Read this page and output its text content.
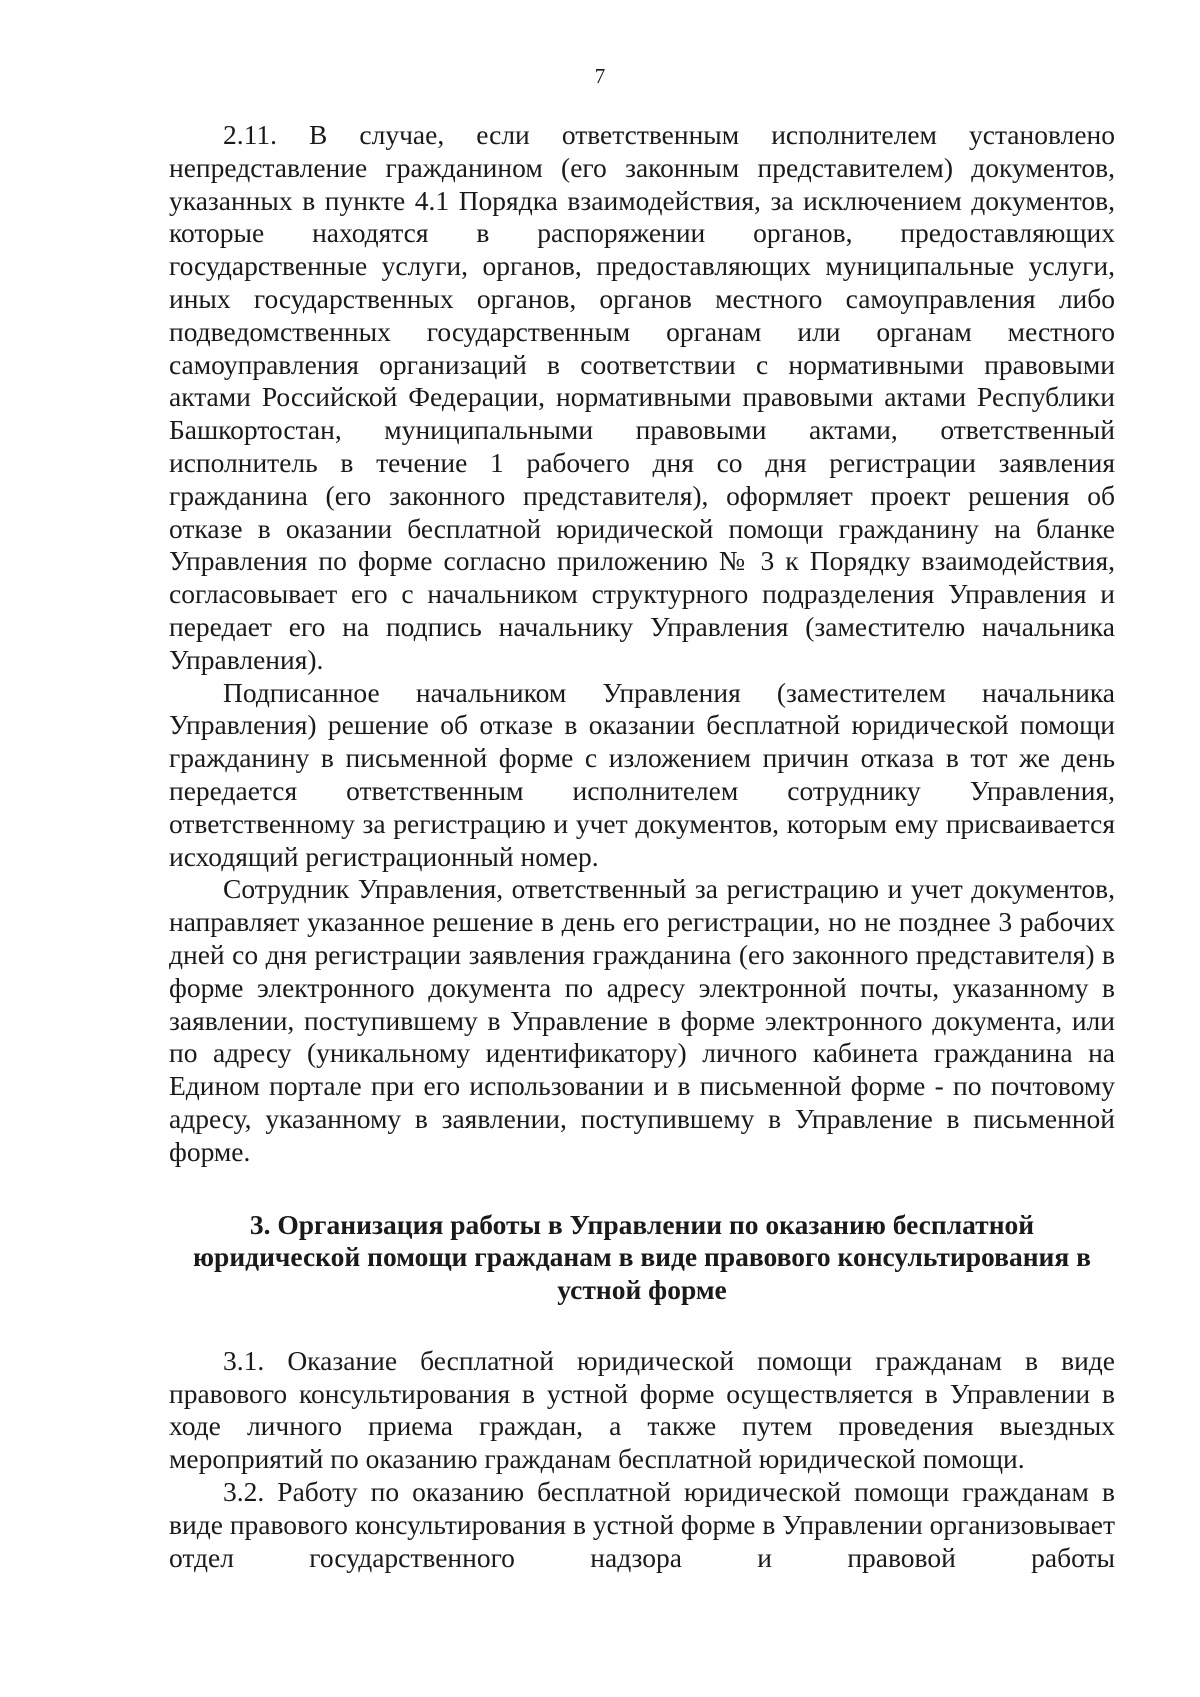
7

2.11. В случае, если ответственным исполнителем установлено непредставление гражданином (его законным представителем) документов, указанных в пункте 4.1 Порядка взаимодействия, за исключением документов, которые находятся в распоряжении органов, предоставляющих государственные услуги, органов, предоставляющих муниципальные услуги, иных государственных органов, органов местного самоуправления либо подведомственных государственным органам или органам местного самоуправления организаций в соответствии с нормативными правовыми актами Российской Федерации, нормативными правовыми актами Республики Башкортостан, муниципальными правовыми актами, ответственный исполнитель в течение 1 рабочего дня со дня регистрации заявления гражданина (его законного представителя), оформляет проект решения об отказе в оказании бесплатной юридической помощи гражданину на бланке Управления по форме согласно приложению № 3 к Порядку взаимодействия, согласовывает его с начальником структурного подразделения Управления и передает его на подпись начальнику Управления (заместителю начальника Управления).

Подписанное начальником Управления (заместителем начальника Управления) решение об отказе в оказании бесплатной юридической помощи гражданину в письменной форме с изложением причин отказа в тот же день передается ответственным исполнителем сотруднику Управления, ответственному за регистрацию и учет документов, которым ему присваивается исходящий регистрационный номер.

Сотрудник Управления, ответственный за регистрацию и учет документов, направляет указанное решение в день его регистрации, но не позднее 3 рабочих дней со дня регистрации заявления гражданина (его законного представителя) в форме электронного документа по адресу электронной почты, указанному в заявлении, поступившему в Управление в форме электронного документа, или по адресу (уникальному идентификатору) личного кабинета гражданина на Едином портале при его использовании и в письменной форме - по почтовому адресу, указанному в заявлении, поступившему в Управление в письменной форме.

3. Организация работы в Управлении по оказанию бесплатной юридической помощи гражданам в виде правового консультирования в устной форме

3.1. Оказание бесплатной юридической помощи гражданам в виде правового консультирования в устной форме осуществляется в Управлении в ходе личного приема граждан, а также путем проведения выездных мероприятий по оказанию гражданам бесплатной юридической помощи.

3.2. Работу по оказанию бесплатной юридической помощи гражданам в виде правового консультирования в устной форме в Управлении организовывает отдел государственного надзора и правовой работы
